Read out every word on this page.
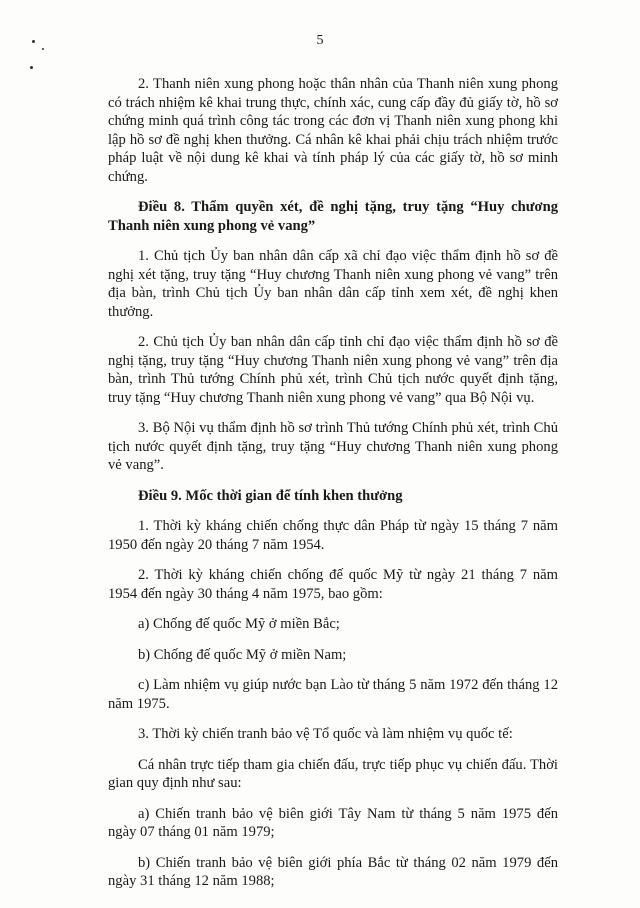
5

2. Thanh niên xung phong hoặc thân nhân của Thanh niên xung phong có trách nhiệm kê khai trung thực, chính xác, cung cấp đầy đủ giấy tờ, hồ sơ chứng minh quá trình công tác trong các đơn vị Thanh niên xung phong khi lập hồ sơ đề nghị khen thưởng. Cá nhân kê khai phải chịu trách nhiệm trước pháp luật về nội dung kê khai và tính pháp lý của các giấy tờ, hồ sơ minh chứng.

Điều 8. Thẩm quyền xét, đề nghị tặng, truy tặng “Huy chương Thanh niên xung phong vẻ vang”

1. Chủ tịch Ủy ban nhân dân cấp xã chỉ đạo việc thẩm định hồ sơ đề nghị xét tặng, truy tặng “Huy chương Thanh niên xung phong vẻ vang” trên địa bàn, trình Chủ tịch Ủy ban nhân dân cấp tỉnh xem xét, đề nghị khen thưởng.

2. Chủ tịch Ủy ban nhân dân cấp tỉnh chỉ đạo việc thẩm định hồ sơ đề nghị tặng, truy tặng “Huy chương Thanh niên xung phong vẻ vang” trên địa bàn, trình Thủ tướng Chính phủ xét, trình Chủ tịch nước quyết định tặng, truy tặng “Huy chương Thanh niên xung phong vẻ vang” qua Bộ Nội vụ.

3. Bộ Nội vụ thẩm định hồ sơ trình Thủ tướng Chính phủ xét, trình Chủ tịch nước quyết định tặng, truy tặng “Huy chương Thanh niên xung phong vẻ vang”.

Điều 9. Mốc thời gian để tính khen thưởng

1. Thời kỳ kháng chiến chống thực dân Pháp từ ngày 15 tháng 7 năm 1950 đến ngày 20 tháng 7 năm 1954.

2. Thời kỳ kháng chiến chống đế quốc Mỹ từ ngày 21 tháng 7 năm 1954 đến ngày 30 tháng 4 năm 1975, bao gồm:

a) Chống đế quốc Mỹ ở miền Bắc;

b) Chống đế quốc Mỹ ở miền Nam;

c) Làm nhiệm vụ giúp nước bạn Lào từ tháng 5 năm 1972 đến tháng 12 năm 1975.

3. Thời kỳ chiến tranh bảo vệ Tổ quốc và làm nhiệm vụ quốc tế:

Cá nhân trực tiếp tham gia chiến đấu, trực tiếp phục vụ chiến đấu. Thời gian quy định như sau:

a) Chiến tranh bảo vệ biên giới Tây Nam từ tháng 5 năm 1975 đến ngày 07 tháng 01 năm 1979;

b) Chiến tranh bảo vệ biên giới phía Bắc từ tháng 02 năm 1979 đến ngày 31 tháng 12 năm 1988;
